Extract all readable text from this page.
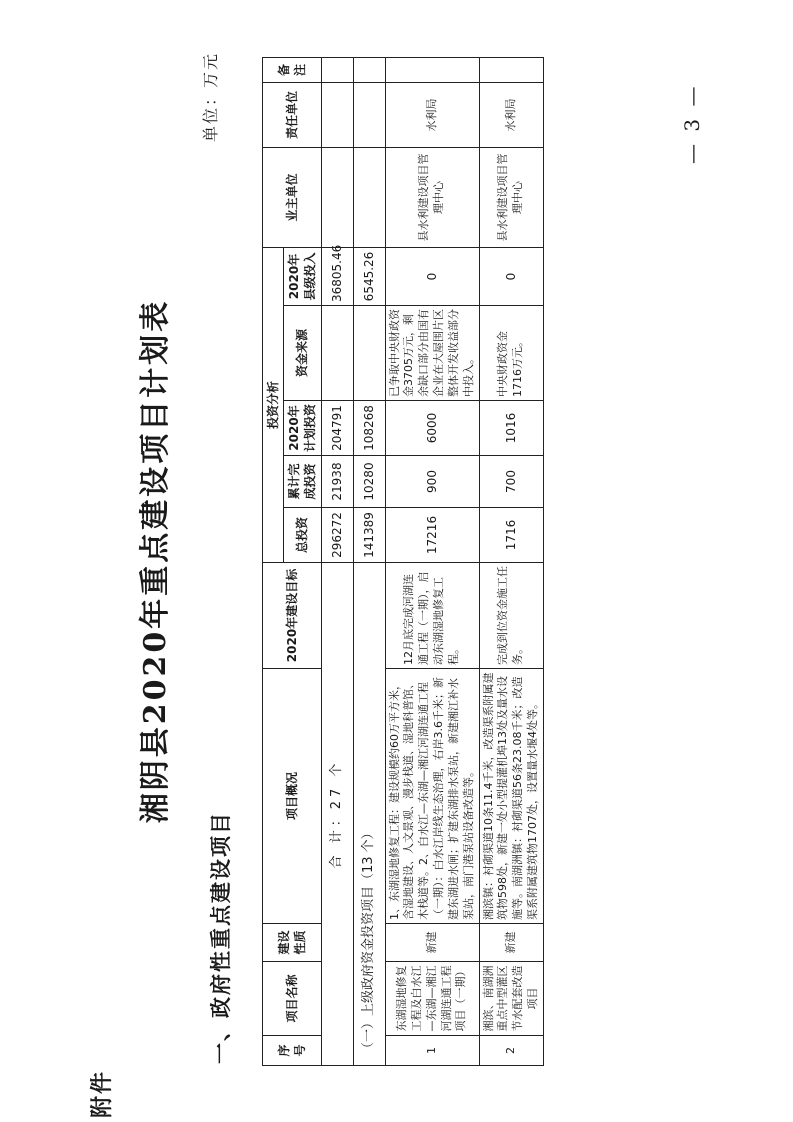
附件
湘阴县2020年重点建设项目计划表
一、政府性重点建设项目
单位：万元
序号	项目名称	建设性质	项目概况	2020年建设目标	投资分析					业主单位	责任单位	备注
					总投资	累计完成投资	2020年计划投资	资金来源	2020年县级投入			
合 计：27 个					296272	21938	204791		36805.46			
（一）上级政府资金投资项目（13 个）					141389	10280	108268		6545.26			
1	东湖湿地修复工程及白水江—东湖—湘江河湖连通工程项目（一期）	新建	1、东湖湿地修复工程：建设规模约60万平方米，含湿地建设、人文景观、漫步栈道、湿地科普馆、木栈道等。2、白水江—东湖—湘江河湖连通工程（一期）：白水江岸线生态治理，右岸3.6千米；新建东湖进水闸；扩建东湖排水泵站，新建湘江补水泵站，南门港泵站设备改造等。	12月底完成河湖连通工程（一期），启动东湖湿地修复工程。	17216	900	6000	已争取中央财政资金3705万元，剩余缺口部分由国有企业在大屋围片区整体开发收益部分中投入。	0	县水利建设项目管理中心	水利局	
2	湘滨、南湖洲重点中型灌区节水配套改造项目	新建	湘滨镇：衬砌渠道10条11.4千米，改造渠系附属建筑物598处，新建一处小型提灌机埠13处及量水设施等。南湖洲镇：衬砌渠道56条23.08千米；改造渠系附属建筑物1707处，设置量水堰4处等。	完成到位资金施工任务。	1716	700	1016	中央财政资金1716万元。	0	县水利建设项目管理中心	水利局		— 3 —
